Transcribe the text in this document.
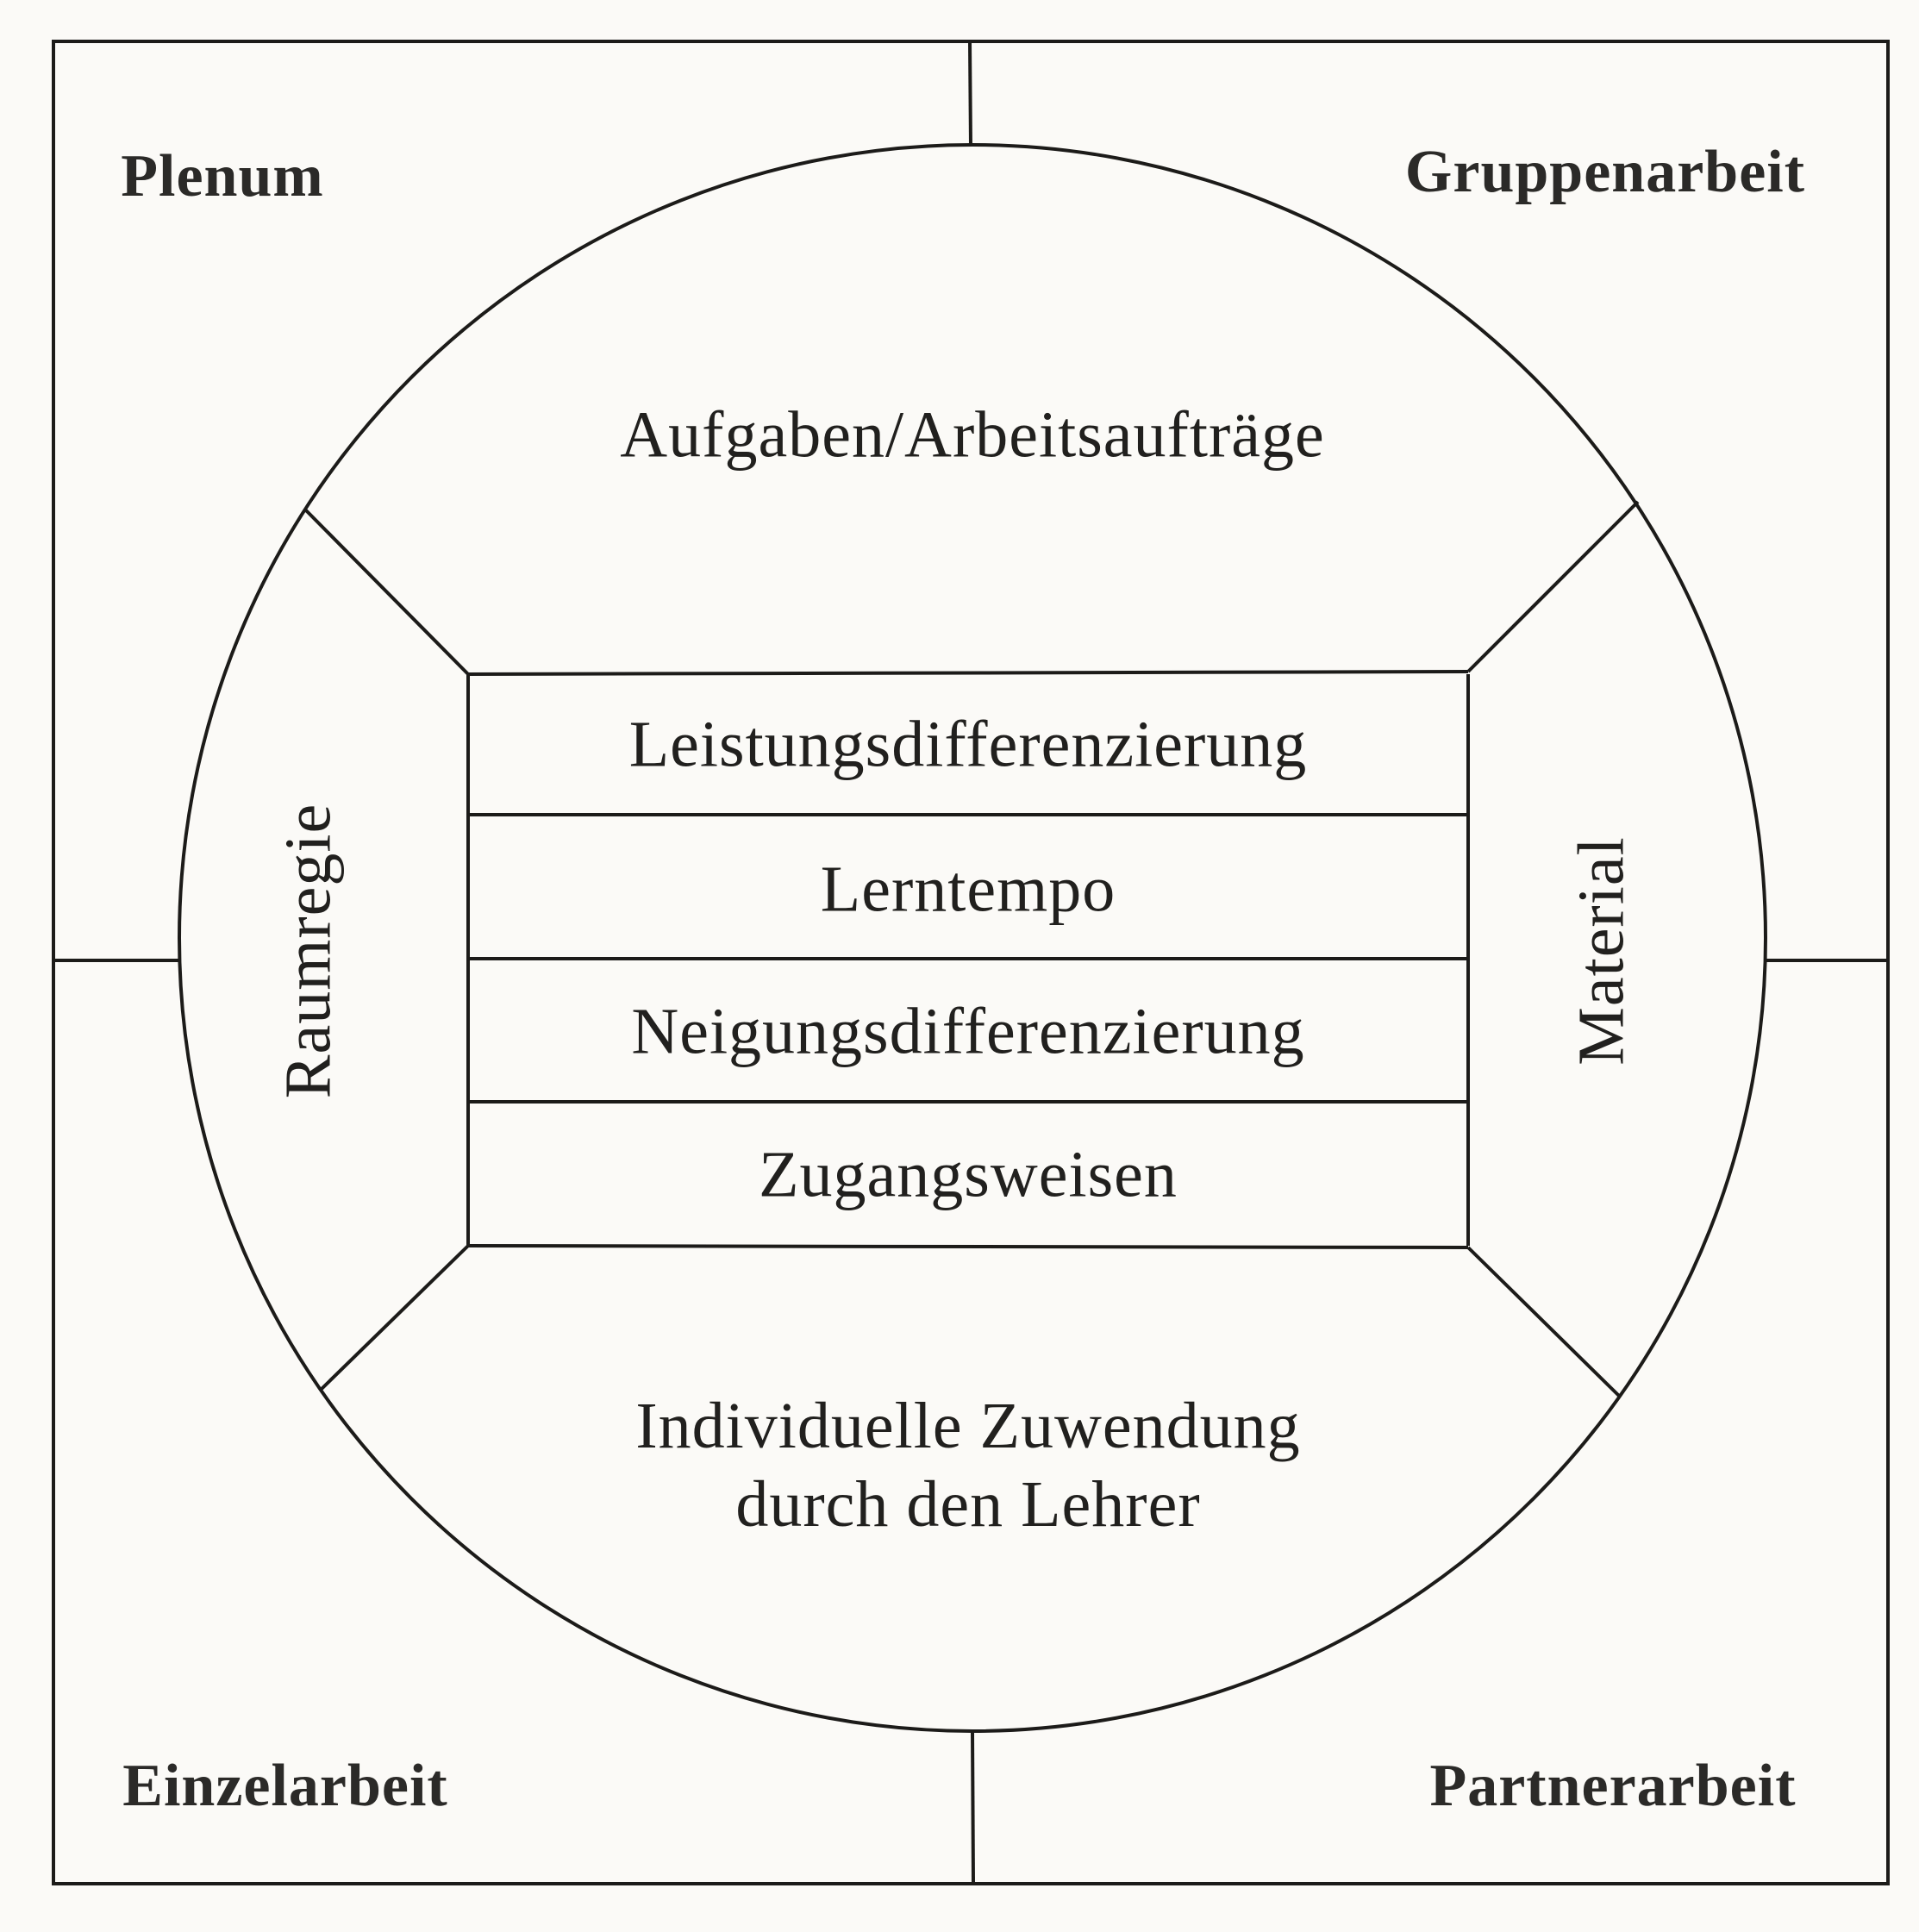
Plenum	Gruppenarbeit
Einzelarbeit	Partnerarbeit
Aufgaben/Arbeitsaufträge
Raumregie	Material
Leistungsdifferenzierung
Lerntempo
Neigungsdifferenzierung
Zugangsweisen
Individuelle Zuwendung
durch den Lehrer
